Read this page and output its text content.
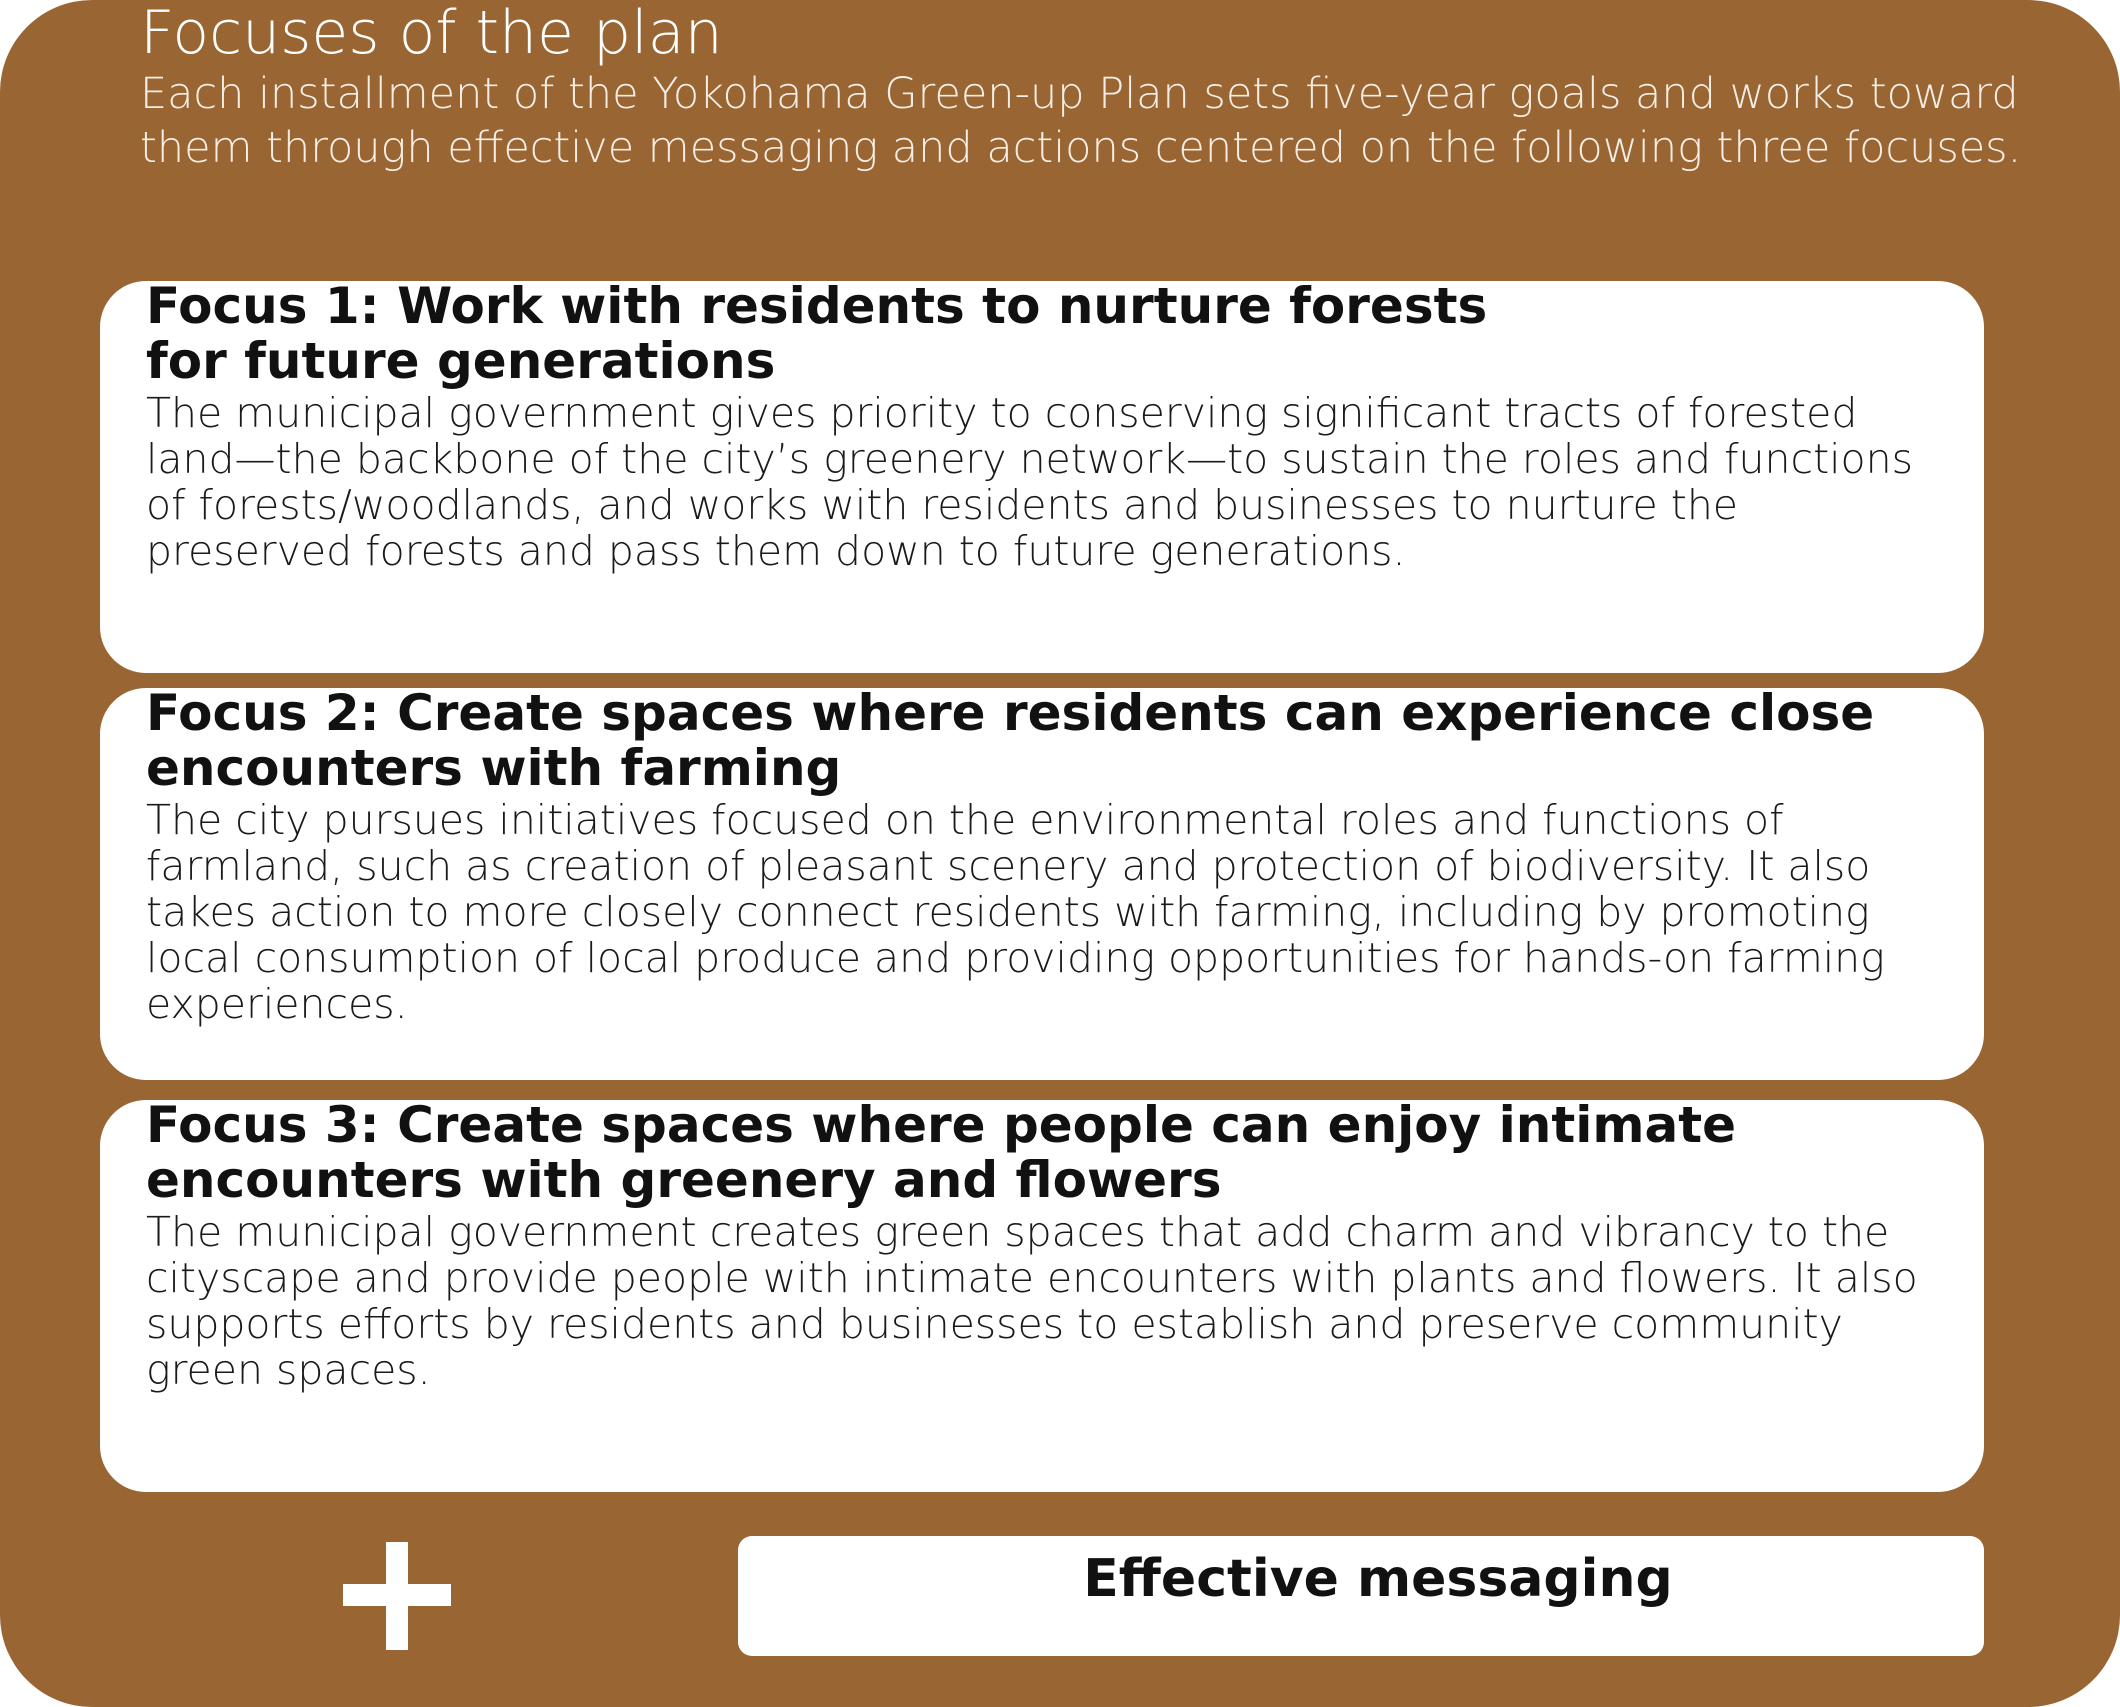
Focuses of the plan
Each installment of the Yokohama Green-up Plan sets five-year goals and works toward
them through effective messaging and actions centered on the following three focuses.
Focus 1: Work with residents to nurture forests
for future generations
The municipal government gives priority to conserving significant tracts of forested
land—the backbone of the city’s greenery network—to sustain the roles and functions
of forests/woodlands, and works with residents and businesses to nurture the
preserved forests and pass them down to future generations.
Focus 2: Create spaces where residents can experience close
encounters with farming
The city pursues initiatives focused on the environmental roles and functions of
farmland, such as creation of pleasant scenery and protection of biodiversity. It also
takes action to more closely connect residents with farming, including by promoting
local consumption of local produce and providing opportunities for hands-on farming
experiences.
Focus 3: Create spaces where people can enjoy intimate
encounters with greenery and flowers
The municipal government creates green spaces that add charm and vibrancy to the
cityscape and provide people with intimate encounters with plants and flowers. It also
supports efforts by residents and businesses to establish and preserve community
green spaces.
Effective messaging
